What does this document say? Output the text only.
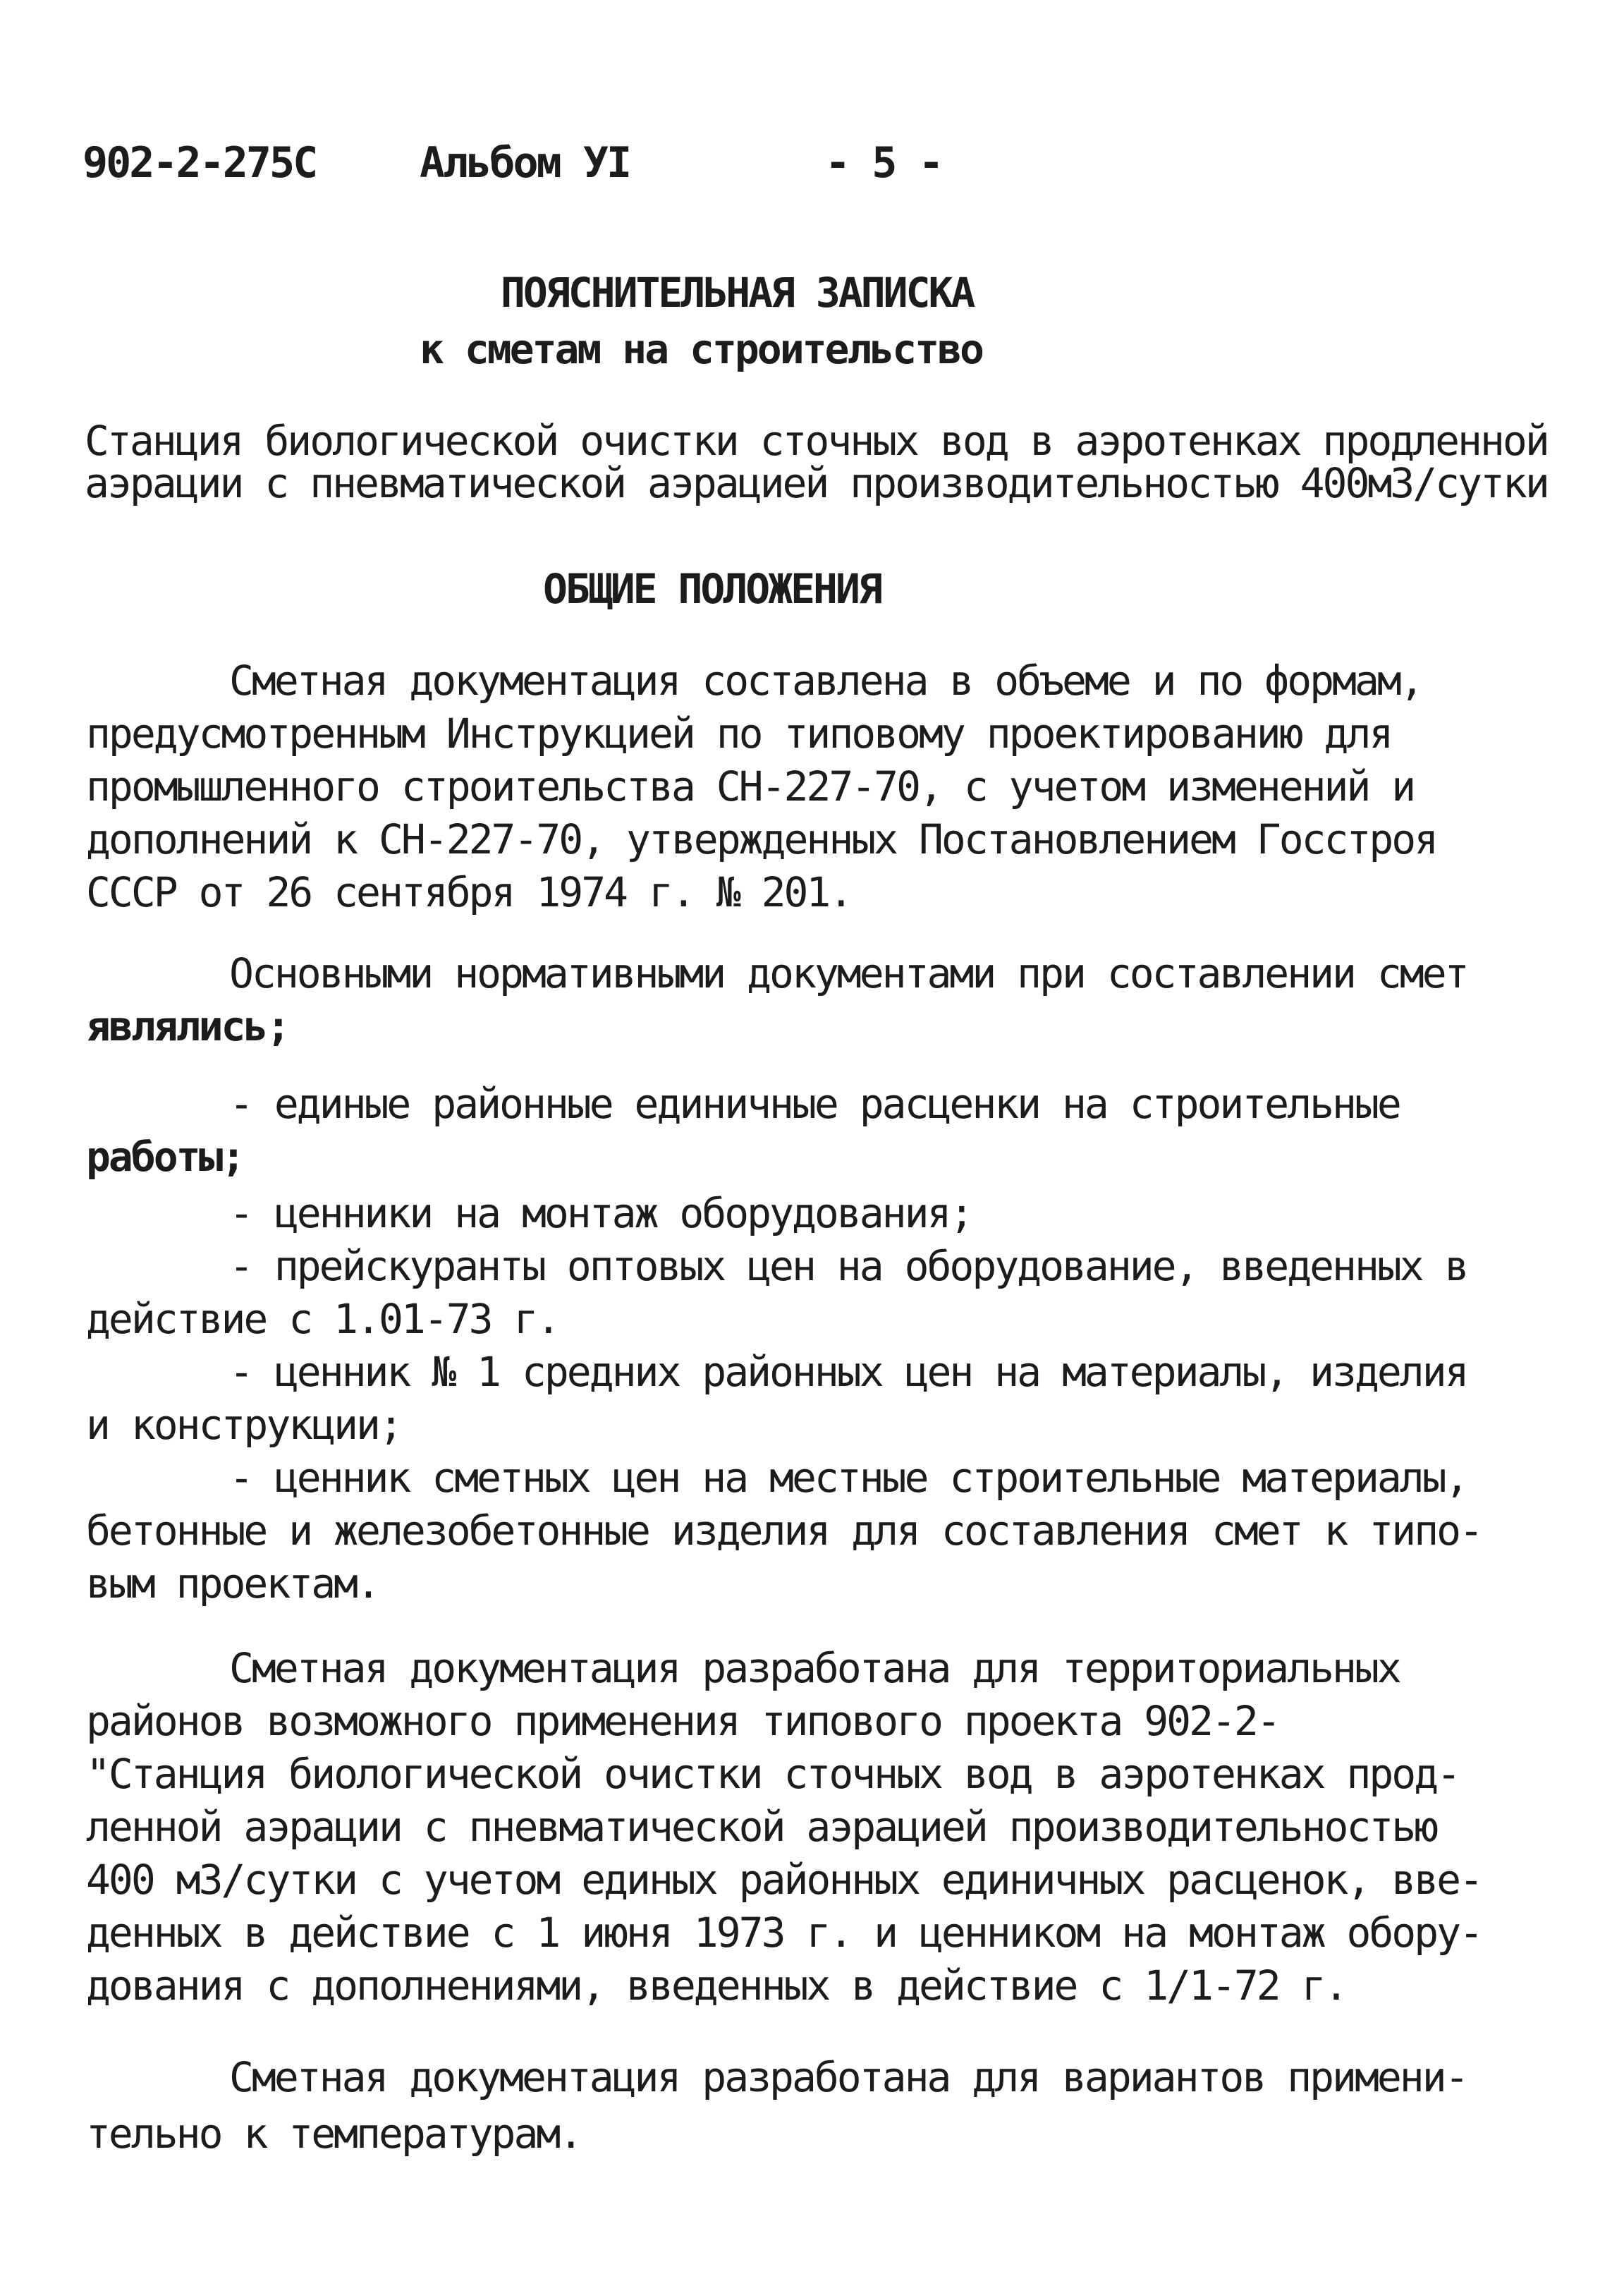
902-2-275С Альбом УI	- 5 -
ПОЯСНИТЕЛЬНАЯ ЗАПИСКА
к сметам на строительство
Станция биологической очистки сточных вод в аэротенках продленной
аэрации с пневматической аэрацией производительностью 400м3/сутки
ОБЩИЕ ПОЛОЖЕНИЯ
Сметная документация составлена в объеме и по формам,
предусмотренным Инструкцией по типовому проектированию для
промышленного строительства СН-227-70, с учетом изменений и
дополнений к СН-227-70, утвержденных Постановлением Госстроя
СССР от 26 сентября 1974 г. № 201.
Основными нормативными документами при составлении смет
являлись;
- единые районные единичные расценки на строительные
работы;
- ценники на монтаж оборудования;
- прейскуранты оптовых цен на оборудование, введенных в
действие с 1.01-73 г.
- ценник № 1 средних районных цен на материалы, изделия
и конструкции;
- ценник сметных цен на местные строительные материалы,
бетонные и железобетонные изделия для составления смет к типо-
вым проектам.
Сметная документация разработана для территориальных
районов возможного применения типового проекта 902-2-
"Станция биологической очистки сточных вод в аэротенках прод-
ленной аэрации с пневматической аэрацией производительностью
400 м3/сутки с учетом единых районных единичных расценок, вве-
денных в действие с 1 июня 1973 г. и ценником на монтаж обору-
дования с дополнениями, введенных в действие с 1/1-72 г.
Сметная документация разработана для вариантов примени-
тельно к температурам.
